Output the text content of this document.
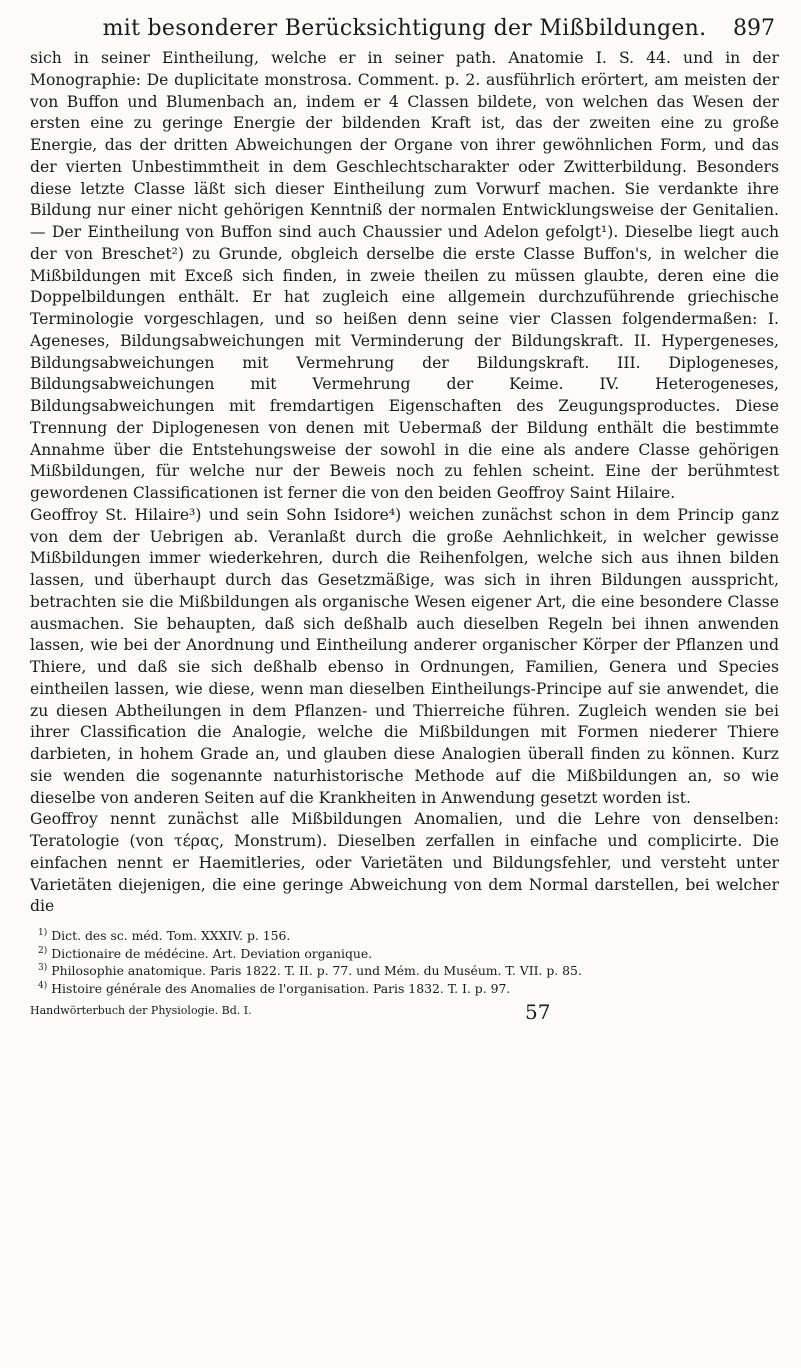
mit besonderer Berücksichtigung der Mißbildungen. 897

sich in seiner Eintheilung, welche er in seiner path. Anatomie I. S. 44. und in der Monographie: De duplicitate monstrosa. Comment. p. 2. ausführlich erörtert, am meisten der von Buffon und Blumenbach an, indem er 4 Classen bildete, von welchen das Wesen der ersten eine zu geringe Energie der bildenden Kraft ist, das der zweiten eine zu große Energie, das der dritten Abweichungen der Organe von ihrer gewöhnlichen Form, und das der vierten Unbestimmtheit in dem Geschlechtscharakter oder Zwitterbildung. Besonders diese letzte Classe läßt sich dieser Eintheilung zum Vorwurf machen. Sie verdankte ihre Bildung nur einer nicht gehörigen Kenntniß der normalen Entwicklungsweise der Genitalien. — Der Eintheilung von Buffon sind auch Chaussier und Adelon gefolgt¹). Dieselbe liegt auch der von Breschet²) zu Grunde, obgleich derselbe die erste Classe Buffon's, in welcher die Mißbildungen mit Exceß sich finden, in zweie theilen zu müssen glaubte, deren eine die Doppelbildungen enthält. Er hat zugleich eine allgemein durchzuführende griechische Terminologie vorgeschlagen, und so heißen denn seine vier Classen folgendermaßen: I. Ageneses, Bildungsabweichungen mit Verminderung der Bildungskraft. II. Hypergeneses, Bildungsabweichungen mit Vermehrung der Bildungskraft. III. Diplogeneses, Bildungsabweichungen mit Vermehrung der Keime. IV. Heterogeneses, Bildungsabweichungen mit fremdartigen Eigenschaften des Zeugungsproductes. Diese Trennung der Diplogenesen von denen mit Uebermaß der Bildung enthält die bestimmte Annahme über die Entstehungsweise der sowohl in die eine als andere Classe gehörigen Mißbildungen, für welche nur der Beweis noch zu fehlen scheint. Eine der berühmtest gewordenen Classificationen ist ferner die von den beiden Geoffroy Saint Hilaire.

Geoffroy St. Hilaire³) und sein Sohn Isidore⁴) weichen zunächst schon in dem Princip ganz von dem der Uebrigen ab. Veranlaßt durch die große Aehnlichkeit, in welcher gewisse Mißbildungen immer wiederkehren, durch die Reihenfolgen, welche sich aus ihnen bilden lassen, und überhaupt durch das Gesetzmäßige, was sich in ihren Bildungen ausspricht, betrachten sie die Mißbildungen als organische Wesen eigener Art, die eine besondere Classe ausmachen. Sie behaupten, daß sich deßhalb auch dieselben Regeln bei ihnen anwenden lassen, wie bei der Anordnung und Eintheilung anderer organischer Körper der Pflanzen und Thiere, und daß sie sich deßhalb ebenso in Ordnungen, Familien, Genera und Species eintheilen lassen, wie diese, wenn man dieselben Eintheilungs-Principe auf sie anwendet, die zu diesen Abtheilungen in dem Pflanzen- und Thierreiche führen. Zugleich wenden sie bei ihrer Classification die Analogie, welche die Mißbildungen mit Formen niederer Thiere darbieten, in hohem Grade an, und glauben diese Analogien überall finden zu können. Kurz sie wenden die sogenannte naturhistorische Methode auf die Mißbildungen an, so wie dieselbe von anderen Seiten auf die Krankheiten in Anwendung gesetzt worden ist.

Geoffroy nennt zunächst alle Mißbildungen Anomalien, und die Lehre von denselben: Teratologie (von τέρας, Monstrum). Dieselben zerfallen in einfache und complicirte. Die einfachen nennt er Haemitleries, oder Varietäten und Bildungsfehler, und versteht unter Varietäten diejenigen, die eine geringe Abweichung von dem Normal darstellen, bei welcher die

$^{1)}$ Dict. des sc. méd. Tom. XXXIV. p. 156.

$^{2)}$ Dictionaire de médécine. Art. Deviation organique.

$^{3)}$ Philosophie anatomique. Paris 1822. T. II. p. 77. und Mém. du Muséum. T. VII. p. 85.

$^{4)}$ Histoire générale des Anomalies de l'organisation. Paris 1832. T. I. p. 97.

Handwörterbuch der Physiologie. Bd. I.	57
